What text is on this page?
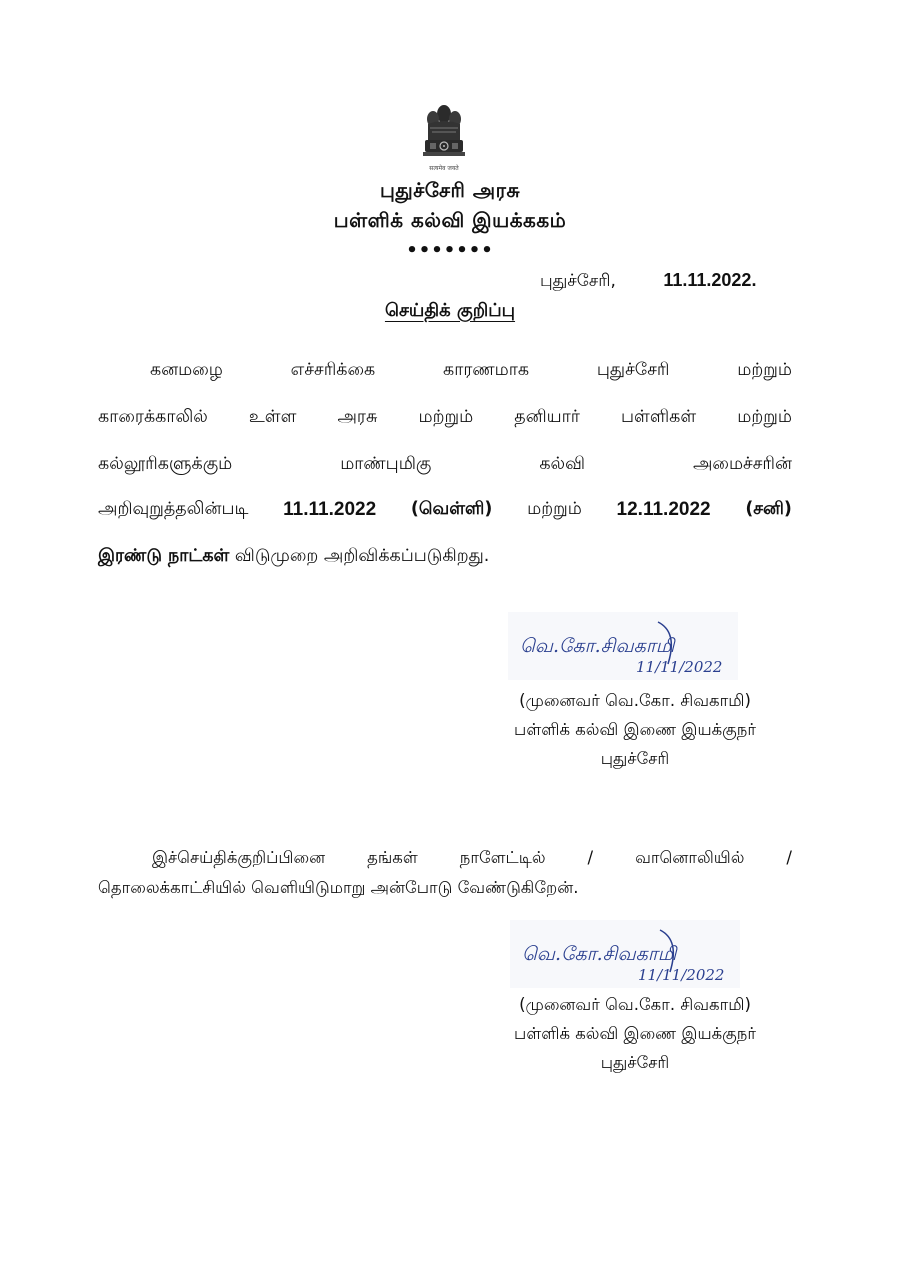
सत्यमेव जयते
புதுச்சேரி அரசு
பள்ளிக் கல்வி இயக்ககம்
•••••••
புதுச்சேரி,	11.11.2022.
செய்திக் குறிப்பு
கனமழை	எச்சரிக்கை	காரணமாக	புதுச்சேரி	மற்றும்
காரைக்காலில் உள்ள அரசு மற்றும் தனியார் பள்ளிகள் மற்றும்
கல்லூரிகளுக்கும்	மாண்புமிகு	கல்வி	அமைச்சரின்
அறிவுறுத்தலின்படி 11.11.2022 (வெள்ளி) மற்றும் 12.11.2022 (சனி)
இரண்டு நாட்கள் விடுமுறை அறிவிக்கப்படுகிறது.
வெ.கோ.சிவகாமி
11/11/2022
(முனைவர் வெ.கோ. சிவகாமி)
பள்ளிக் கல்வி இணை இயக்குநர்
புதுச்சேரி
இச்செய்திக்குறிப்பினை	தங்கள்	நாளேட்டில்	/	வானொலியில்	/
தொலைக்காட்சியில் வெளியிடுமாறு அன்போடு வேண்டுகிறேன்.
வெ.கோ.சிவகாமி
11/11/2022
(முனைவர் வெ.கோ. சிவகாமி)
பள்ளிக் கல்வி இணை இயக்குநர்
புதுச்சேரி
